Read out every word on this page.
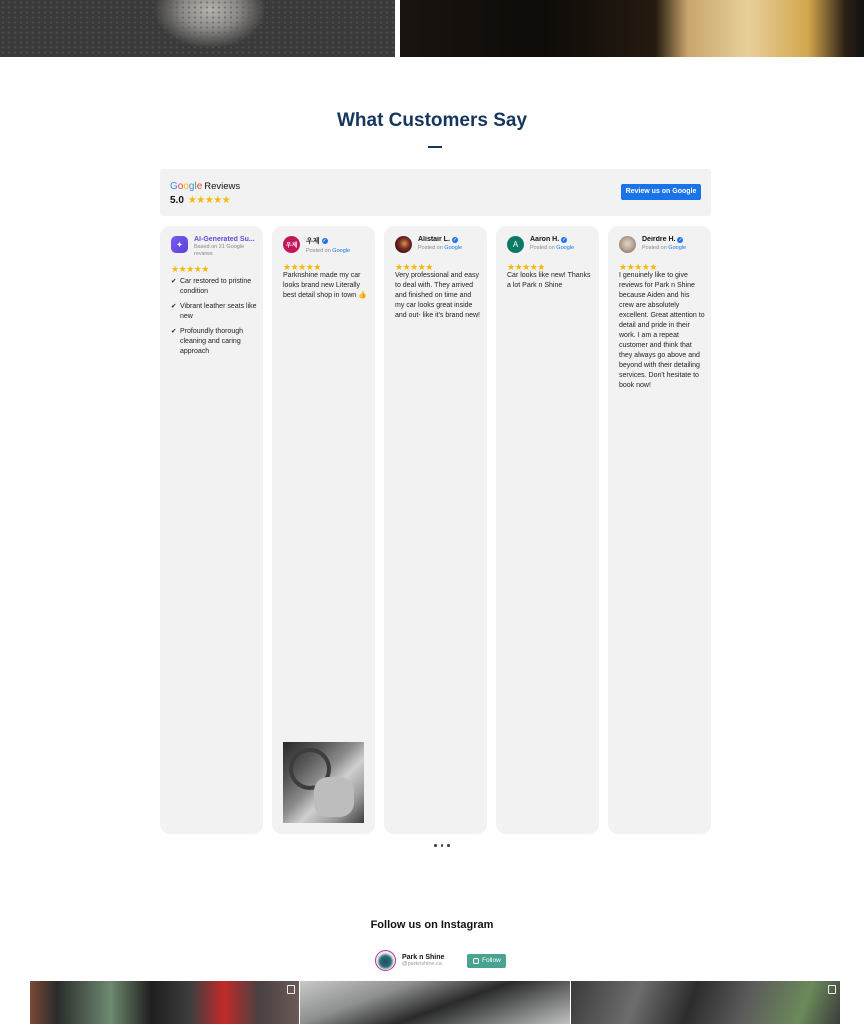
What Customers Say
Google Reviews
5.0 ★★★★★
Review us on Google
✦
AI-Generated Su...
Based on 21 Google reviews
★★★★★
✔ Car restored to pristine condition
✔ Vibrant leather seats like new
✔ Profoundly thorough cleaning and caring approach
우제
우제 ✓
Posted on Google
★★★★★
Parknshine made my car looks brand new Literally best detail shop in town 👍
Alistair L. ✓
Posted on Google
★★★★★
Very professional and easy to deal with. They arrived and finished on time and my car looks great inside and out- like it's brand new!
A
Aaron H. ✓
Posted on Google
★★★★★
Car looks like new! Thanks a lot Park n Shine
Deirdre H. ✓
Posted on Google
★★★★★
I genuinely like to give reviews for Park n Shine because Aiden and his crew are absolutely excellent. Great attention to detail and pride in their work. I am a repeat customer and think that they always go above and beyond with their detailing services. Don't hesitate to book now!
Follow us on Instagram
Park n Shine
@parknshine.ca	Follow
